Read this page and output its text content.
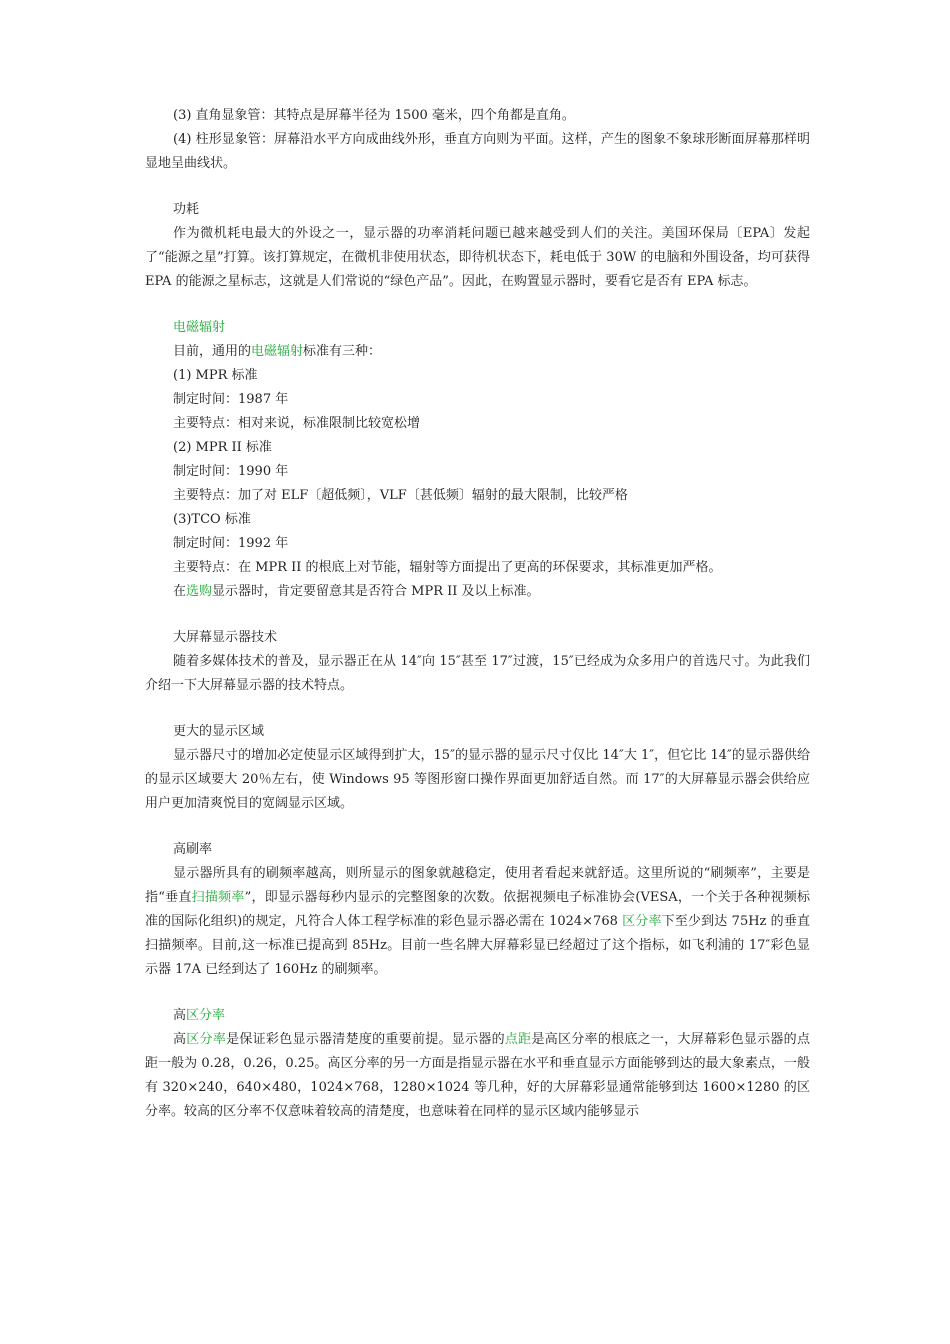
(3) 直角显象管：其特点是屏幕半径为 1500 毫米，四个角都是直角。

(4) 柱形显象管：屏幕沿水平方向成曲线外形，垂直方向则为平面。这样，产生的图象不象球形断面屏幕那样明显地呈曲线状。

功耗

作为微机耗电最大的外设之一，显示器的功率消耗问题已越来越受到人们的关注。美国环保局〔EPA〕发起了“能源之星”打算。该打算规定，在微机非使用状态，即待机状态下，耗电低于 30W 的电脑和外围设备，均可获得 EPA 的能源之星标志，这就是人们常说的“绿色产品”。因此，在购置显示器时，要看它是否有 EPA 标志。

电磁辐射

目前，通用的电磁辐射标准有三种：

(1) MPR 标准

制定时间：1987 年

主要特点：相对来说，标准限制比较宽松增

(2) MPR II 标准

制定时间：1990 年

主要特点：加了对 ELF〔超低频〕，VLF〔甚低频〕辐射的最大限制，比较严格

(3)TCO 标准

制定时间：1992 年

主要特点：在 MPR II 的根底上对节能，辐射等方面提出了更高的环保要求，其标准更加严格。

在选购显示器时，肯定要留意其是否符合 MPR II 及以上标准。

大屏幕显示器技术

随着多媒体技术的普及，显示器正在从 14″向 15″甚至 17″过渡，15″已经成为众多用户的首选尺寸。为此我们介绍一下大屏幕显示器的技术特点。

更大的显示区域

显示器尺寸的增加必定使显示区域得到扩大，15″的显示器的显示尺寸仅比 14″大 1″，但它比 14″的显示器供给的显示区域要大 20％左右，使 Windows 95 等图形窗口操作界面更加舒适自然。而 17″的大屏幕显示器会供给应用户更加清爽悦目的宽阔显示区域。

高刷率

显示器所具有的刷频率越高，则所显示的图象就越稳定，使用者看起来就舒适。这里所说的“刷频率”，主要是指“垂直扫描频率”，即显示器每秒内显示的完整图象的次数。依据视频电子标准协会(VESA，一个关于各种视频标准的国际化组织)的规定，凡符合人体工程学标准的彩色显示器必需在 1024×768 区分率下至少到达 75Hz 的垂直扫描频率。目前,这一标准已提高到 85Hz。目前一些名牌大屏幕彩显已经超过了这个指标，如飞利浦的 17″彩色显示器 17A 已经到达了 160Hz 的刷频率。

高区分率

高区分率是保证彩色显示器清楚度的重要前提。显示器的点距是高区分率的根底之一，大屏幕彩色显示器的点距一般为 0.28，0.26，0.25。高区分率的另一方面是指显示器在水平和垂直显示方面能够到达的最大象素点，一般有 320×240，640×480，1024×768，1280×1024 等几种，好的大屏幕彩显通常能够到达 1600×1280 的区分率。较高的区分率不仅意味着较高的清楚度，也意味着在同样的显示区域内能够显示
